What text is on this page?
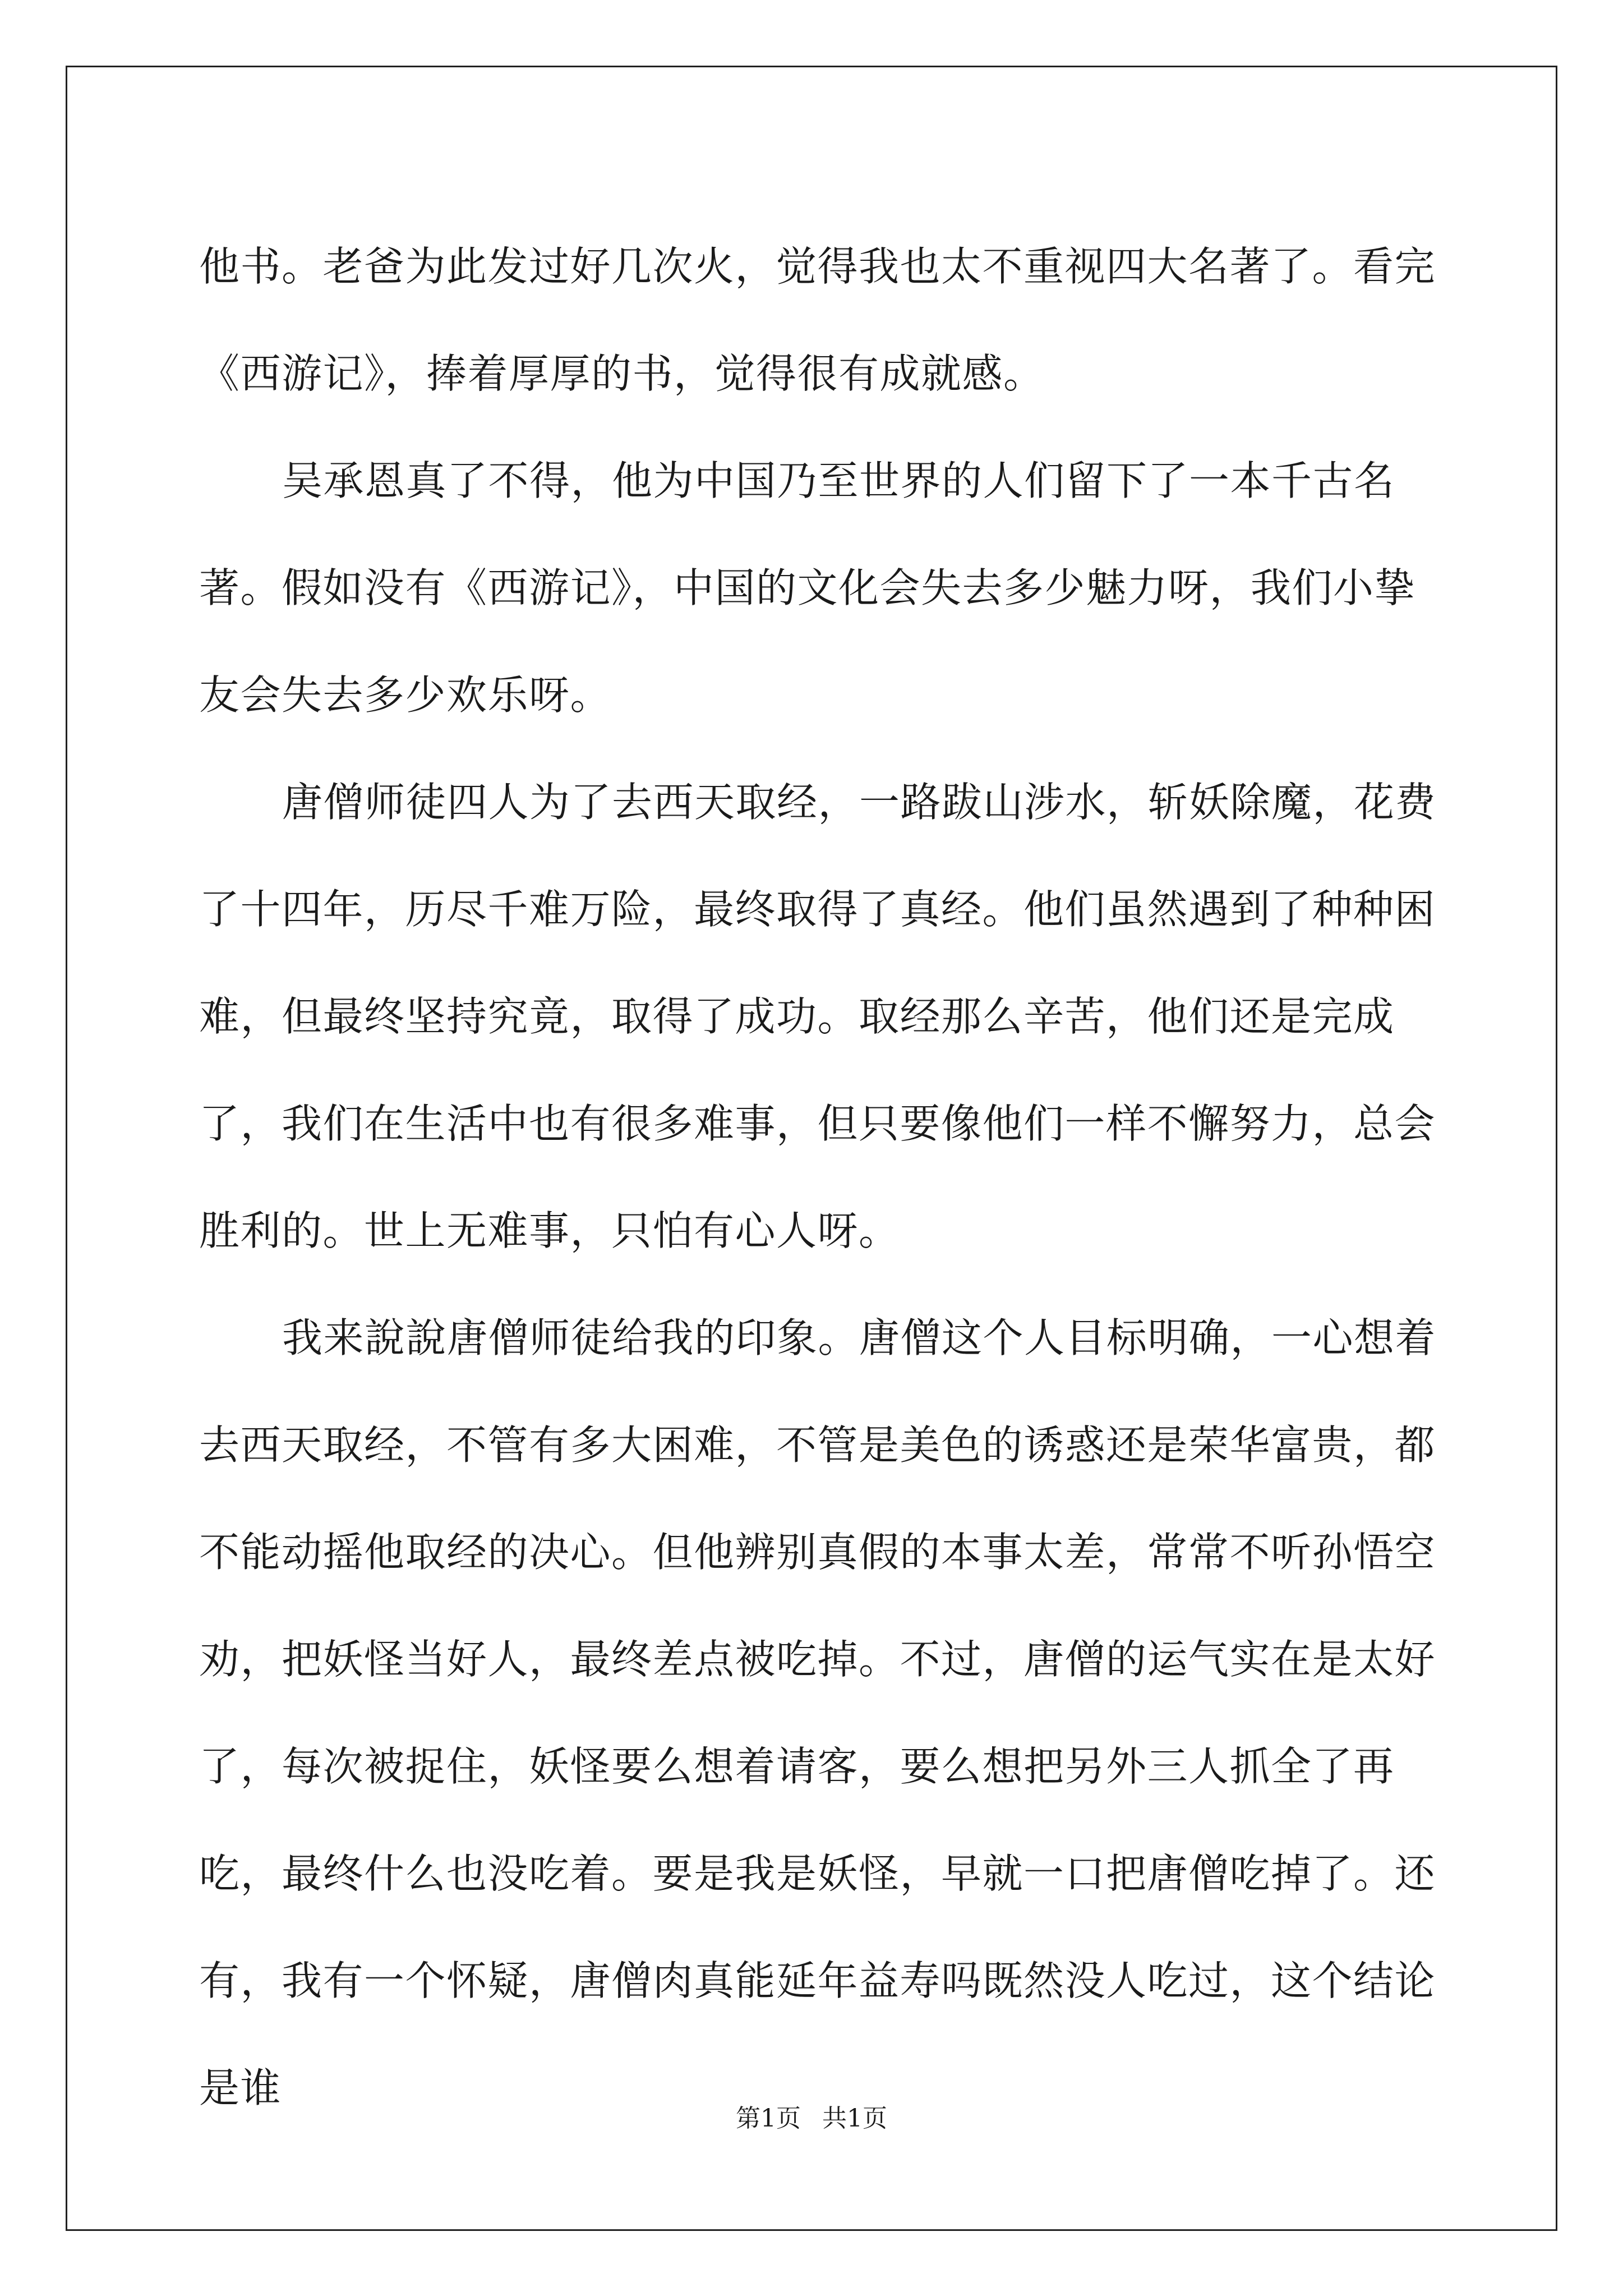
他书。老爸为此发过好几次火，觉得我也太不重视四大名著了。看完《西游记》，捧着厚厚的书，觉得很有成就感。

吴承恩真了不得，他为中国乃至世界的人们留下了一本千古名著。假如没有《西游记》，中国的文化会失去多少魅力呀，我们小挚友会失去多少欢乐呀。

唐僧师徒四人为了去西天取经，一路跋山涉水，斩妖除魔，花费了十四年，历尽千难万险，最终取得了真经。他们虽然遇到了种种困难，但最终坚持究竟，取得了成功。取经那么辛苦，他们还是完成了，我们在生活中也有很多难事，但只要像他们一样不懈努力，总会胜利的。世上无难事，只怕有心人呀。

我来說說唐僧师徒给我的印象。唐僧这个人目标明确，一心想着去西天取经，不管有多大困难，不管是美色的诱惑还是荣华富贵，都不能动摇他取经的决心。但他辨别真假的本事太差，常常不听孙悟空劝，把妖怪当好人，最终差点被吃掉。不过，唐僧的运气实在是太好了，每次被捉住，妖怪要么想着请客，要么想把另外三人抓全了再吃，最终什么也没吃着。要是我是妖怪，早就一口把唐僧吃掉了。还有，我有一个怀疑，唐僧肉真能延年益寿吗既然没人吃过，这个结论是谁

第1页 共1页
